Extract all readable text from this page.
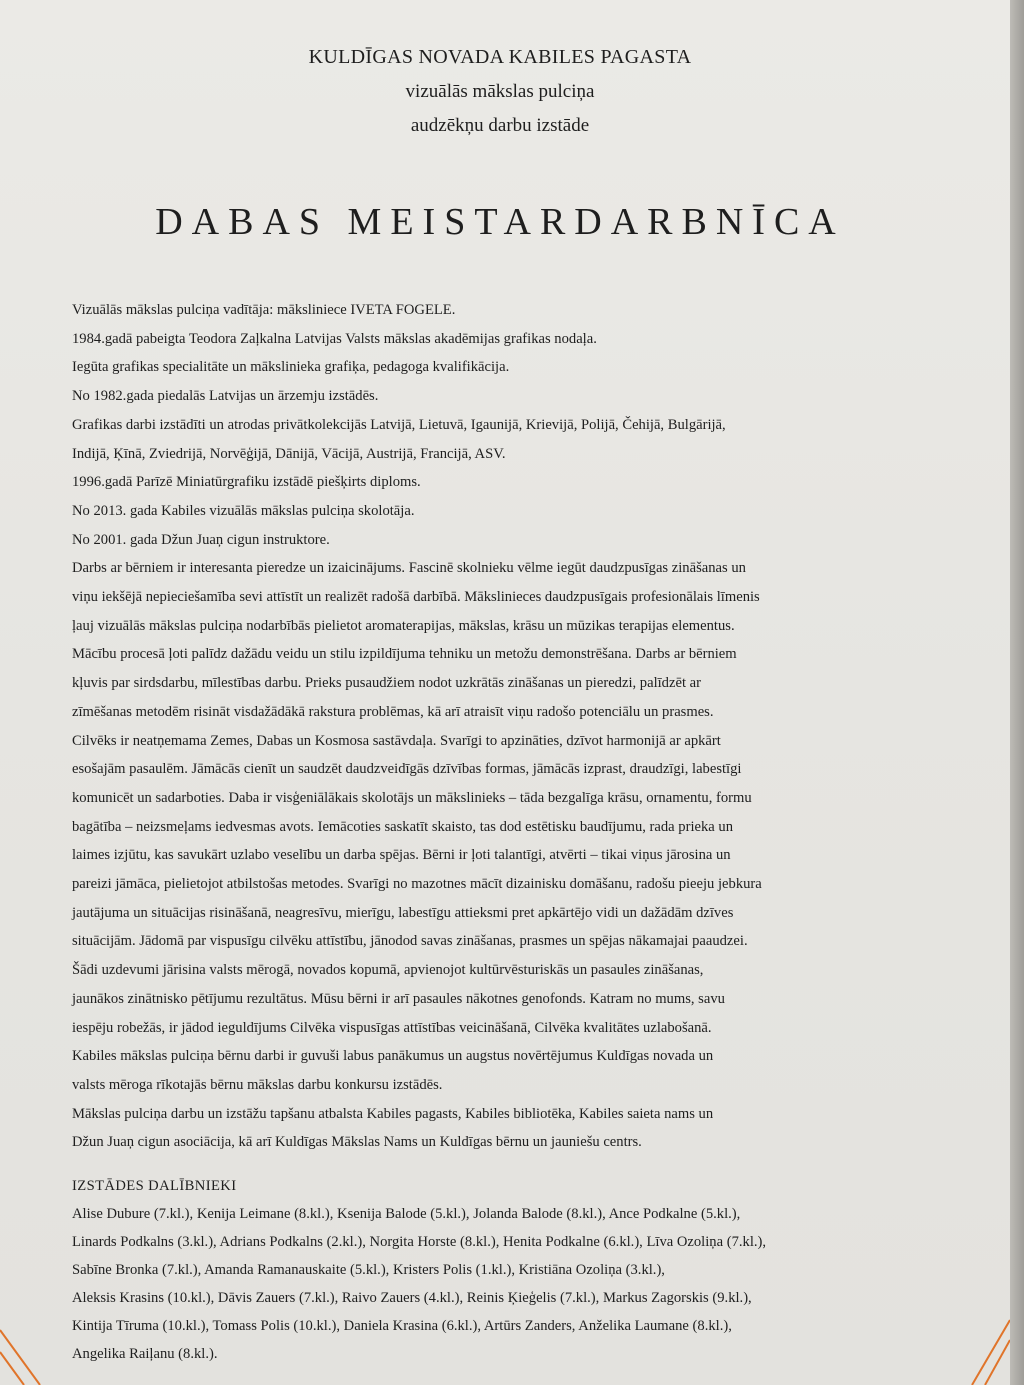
KULDĪGAS NOVADA KABILES PAGASTA
vizuālās mākslas pulciņa
audzēkņu darbu izstāde
DABAS MEISTARDARBNĪCA
Vizuālās mākslas pulciņa vadītāja: māksliniece IVETA FOGELE.
1984.gadā pabeigta Teodora Zaļkalna Latvijas Valsts mākslas akadēmijas grafikas nodaļa.
Iegūta grafikas specialitāte un mākslinieka grafiķa, pedagoga kvalifikācija.
No 1982.gada piedalās Latvijas un ārzemju izstādēs.
Grafikas darbi izstādīti un atrodas privātkolekcijās Latvijā, Lietuvā, Igaunijā, Krievijā, Polijā, Čehijā, Bulgārijā,
Indijā, Ķīnā, Zviedrijā, Norvēģijā, Dānijā, Vācijā, Austrijā, Francijā, ASV.
1996.gadā Parīzē Miniatūrgrafiku izstādē piešķirts diploms.
No 2013. gada Kabiles vizuālās mākslas pulciņa skolotāja.
No 2001. gada Džun Juaņ cigun instruktore.
Darbs ar bērniem ir interesanta pieredze un izaicinājums. Fascinē skolnieku vēlme iegūt daudzpusīgas zināšanas un
viņu iekšējā nepieciešamība sevi attīstīt un realizēt radošā darbībā. Mākslinieces daudzpusīgais profesionālais līmenis
ļauj vizuālās mākslas pulciņa nodarbībās pielietot aromaterapijas, mākslas, krāsu un mūzikas terapijas elementus.
Mācību procesā ļoti palīdz dažādu veidu un stilu izpildījuma tehniku un metožu demonstrēšana. Darbs ar bērniem
kļuvis par sirdsdarbu, mīlestības darbu. Prieks pusaudžiem nodot uzkrātās zināšanas un pieredzi, palīdzēt ar
zīmēšanas metodēm risināt visdažādākā rakstura problēmas, kā arī atraisīt viņu radošo potenciālu un prasmes.
Cilvēks ir neatņemama Zemes, Dabas un Kosmosa sastāvdaļa. Svarīgi to apzināties, dzīvot harmonijā ar apkārt
esošajām pasaulēm. Jāmācās cienīt un saudzēt daudzveidīgās dzīvības formas, jāmācās izprast, draudzīgi, labestīgi
komunicēt un sadarboties. Daba ir visģeniālākais skolotājs un mākslinieks – tāda bezgalīga krāsu, ornamentu, formu
bagātība – neizsmeļams iedvesmas avots. Iemācoties saskatīt skaisto, tas dod estētisku baudījumu, rada prieka un
laimes izjūtu, kas savukārt uzlabo veselību un darba spējas. Bērni ir ļoti talantīgi, atvērti – tikai viņus jārosina un
pareizi jāmāca, pielietojot atbilstošas metodes. Svarīgi no mazotnes mācīt dizainisku domāšanu, radošu pieeju jebkura
jautājuma un situācijas risināšanā, neagresīvu, mierīgu, labestīgu attieksmi pret apkārtējo vidi un dažādām dzīves
situācijām. Jādomā par vispusīgu cilvēku attīstību, jānodod savas zināšanas, prasmes un spējas nākamajai paaudzei.
Šādi uzdevumi jārisina valsts mērogā, novados kopumā, apvienojot kultūrvēsturiskās un pasaules zināšanas,
jaunākos zinātnisko pētījumu rezultātus. Mūsu bērni ir arī pasaules nākotnes genofonds. Katram no mums, savu
iespēju robežās, ir jādod ieguldījums Cilvēka vispusīgas attīstības veicināšanā, Cilvēka kvalitātes uzlabošanā.
Kabiles mākslas pulciņa bērnu darbi ir guvuši labus panākumus un augstus novērtējumus Kuldīgas novada un
valsts mēroga rīkotajās bērnu mākslas darbu konkursu izstādēs.
Mākslas pulciņa darbu un izstāžu tapšanu atbalsta Kabiles pagasts, Kabiles bibliotēka, Kabiles saieta nams un
Džun Juaņ cigun asociācija, kā arī Kuldīgas Mākslas Nams un Kuldīgas bērnu un jauniešu centrs.
IZSTĀDES DALĪBNIEKI
Alise Dubure (7.kl.), Kenija Leimane (8.kl.), Ksenija Balode (5.kl.), Jolanda Balode (8.kl.), Ance Podkalne (5.kl.),
Linards Podkalns (3.kl.), Adrians Podkalns (2.kl.), Norgita Horste (8.kl.), Henita Podkalne (6.kl.), Līva Ozoliņa (7.kl.),
Sabīne Bronka (7.kl.), Amanda Ramanauskaite (5.kl.), Kristers Polis (1.kl.), Kristiāna Ozoliņa (3.kl.),
Aleksis Krasins (10.kl.), Dāvis Zauers (7.kl.), Raivo Zauers (4.kl.), Reinis Ķieģelis (7.kl.), Markus Zagorskis (9.kl.),
Kintija Tīruma (10.kl.), Tomass Polis (10.kl.), Daniela Krasina (6.kl.), Artūrs Zanders, Anželika Laumane (8.kl.),
Angelika Raiļanu (8.kl.).
